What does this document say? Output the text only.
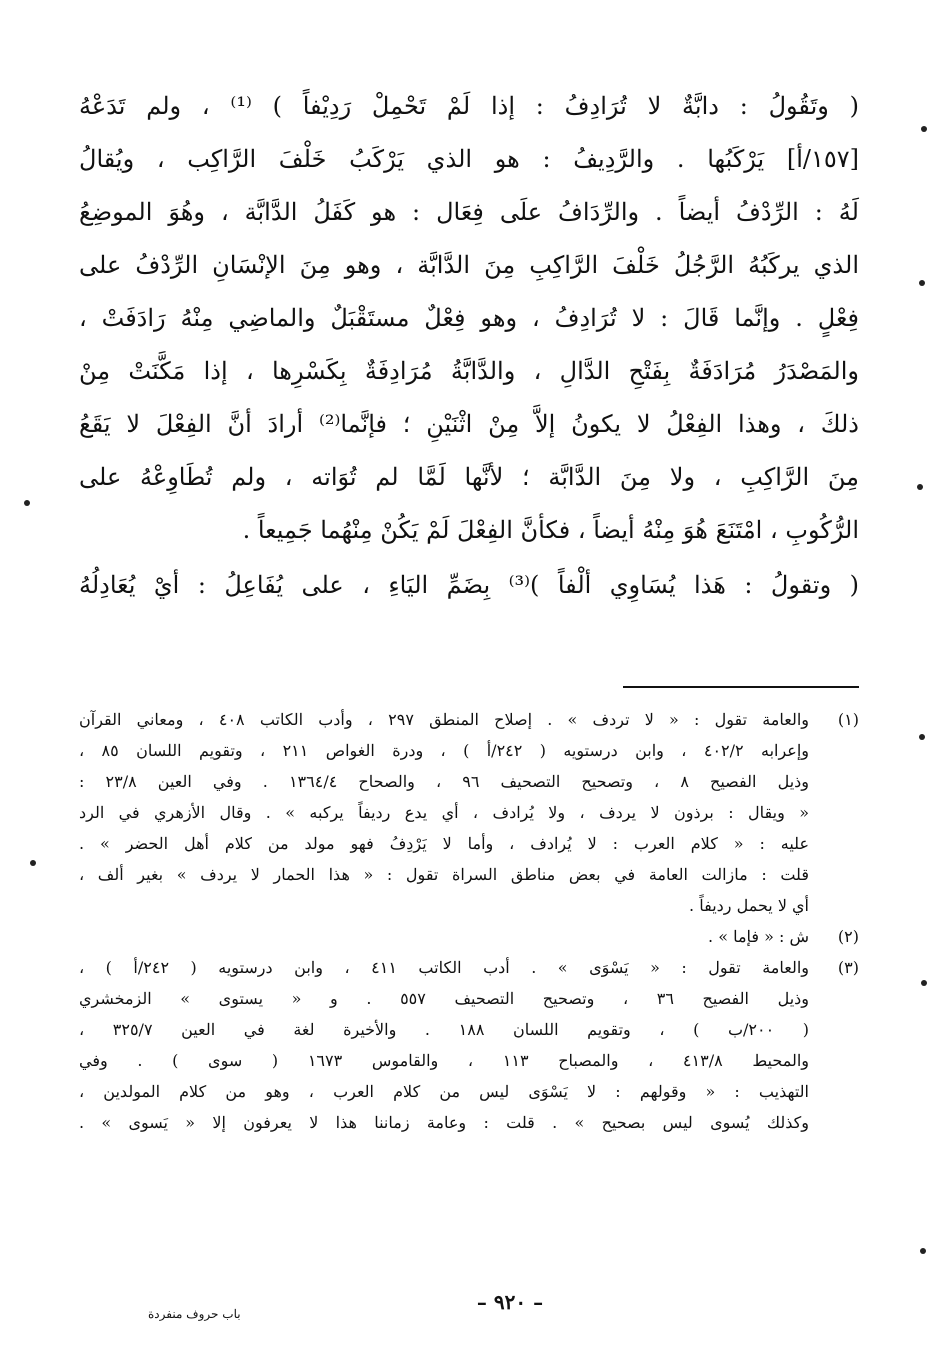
( وتَقُولُ : دابَّةٌ لا تُرَادِفُ : إذا لَمْ تَحْمِلْ رَدِيْفاً ) ⁽¹⁾ ، ولم تَدَعْهُ
[١٥٧/أ] يَرْكَبُها . والرَّدِيفُ : هو الذي يَرْكَبُ خَلْفَ الرَّاكِب ، ويُقالُ
لَهُ : الرِّدْفُ أيضاً . والرِّدَافُ علَى فِعَال : هو كَفَلُ الدَّابَّة ، وهُوَ الموضِعُ
الذي يركَبُهُ الرَّجُلُ خَلْفَ الرَّاكِبِ مِنَ الدَّابَّة ، وهو مِنَ الإنْسَانِ الرِّدْفُ على
فِعْلٍ . وإنَّما قَالَ : لا تُرَادِفُ ، وهو فِعْلٌ مستَقْبَلٌ والماضِي مِنْهُ رَادَفَتْ ،
والمَصْدَرُ مُرَادَفَةٌ بِفَتْحِ الدَّالِ ، والدَّابَّةُ مُرَادِفَةٌ بِكَسْرِها ، إذا مَكَّنَتْ مِنْ
ذلكَ ، وهذا الفِعْلُ لا يكونُ إلاَّ مِنْ اثْنَيْنِ ؛ فإنَّما⁽²⁾ أرادَ أنَّ الفِعْلَ لا يَقَعُ
مِنَ الرَّاكِبِ ، ولا مِنَ الدَّابَّة ؛ لأنَّها لَمَّا لم تُوَاته ، ولم تُطَاوِعْهُ على
الرُّكُوبِ ، امْتَنَعَ هُوَ مِنْهُ أيضاً ، فكأنَّ الفِعْلَ لَمْ يَكُنْ مِنْهُما جَمِيعاً .
( وتقولُ : هَذا يُسَاوِي ألْفاً )⁽³⁾ بِضَمِّ اليَاءِ ، على يُفَاعِلُ : أيْ يُعَادِلُهُ
(١)
والعامة تقول : « لا تردف » . إصلاح المنطق ٢٩٧ ، وأدب الكاتب ٤٠٨ ، ومعاني القرآن
وإعرابه ٤٠٢/٢ ، وابن درستويه ( ٢٤٢/أ ) ، ودرة الغواص ٢١١ ، وتقويم اللسان ٨٥ ،
وذيل الفصيح ٨ ، وتصحيح التصحيف ٩٦ ، والصحاح ١٣٦٤/٤ . وفي العين ٢٣/٨ :
« ويقال : برذون لا يردف ، ولا يُرادف ، أي يدع رديفاً يركبه » . وقال الأزهري في الرد
عليه : « كلام العرب : لا يُرادف ، وأما لا يَرْدِفُ فهو مولد من كلام أهل الحضر » .
قلت : مازالت العامة في بعض مناطق السراة تقول : « هذا الحمار لا يردف » بغير ألف ،
أي لا يحمل رديفاً .
(٢)
ش : « فإما » .
(٣)
والعامة تقول : « يَسْوَى » . أدب الكاتب ٤١١ ، وابن درستويه ( ٢٤٢/أ ) ،
وذيل الفصيح ٣٦ ، وتصحيح التصحيف ٥٥٧ . و « يستوى » الزمخشري
( ٢٠٠/ب ) ، وتقويم اللسان ١٨٨ . والأخيرة لغة في العين ٣٢٥/٧ ،
والمحيط ٤١٣/٨ ، والمصباح ١١٣ ، والقاموس ١٦٧٣ ( سوى ) . وفي
التهذيب : « وقولهم : لا يَسْوَى ليس من كلام العرب ، وهو من كلام المولدين ،
وكذلك يُسوى ليس بصحيح » . قلت : وعامة زماننا هذا لا يعرفون إلا « يَسوى » .
– ٩٢٠ –
باب حروف منفردة
